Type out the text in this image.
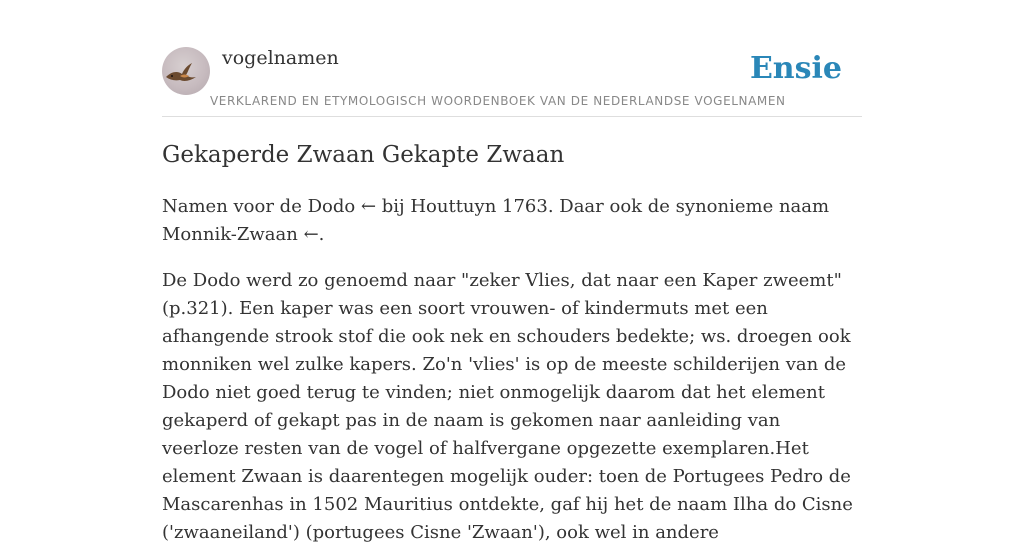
vogelnamen	Ensie
VERKLAREND EN ETYMOLOGISCH WOORDENBOEK VAN DE NEDERLANDSE VOGELNAMEN
Gekaperde Zwaan Gekapte Zwaan

Namen voor de Dodo ← bij Houttuyn 1763. Daar ook de synonieme naam Monnik-Zwaan ←.

De Dodo werd zo genoemd naar "zeker Vlies, dat naar een Kaper zweemt" (p.321). Een kaper was een soort vrouwen- of kindermuts met een afhangende strook stof die ook nek en schouders bedekte; ws. droegen ook monniken wel zulke kapers. Zo'n 'vlies' is op de meeste schilderijen van de Dodo niet goed terug te vinden; niet onmogelijk daarom dat het element gekaperd of gekapt pas in de naam is gekomen naar aanleiding van veerloze resten van de vogel of halfvergane opgezette exemplaren.Het element Zwaan is daarentegen mogelijk ouder: toen de Portugees Pedro de Mascarenhas in 1502 Mauritius ontdekte, gaf hij het de naam Ilha do Cisne ('zwaaneiland') (portugees Cisne 'Zwaan'), ook wel in andere
